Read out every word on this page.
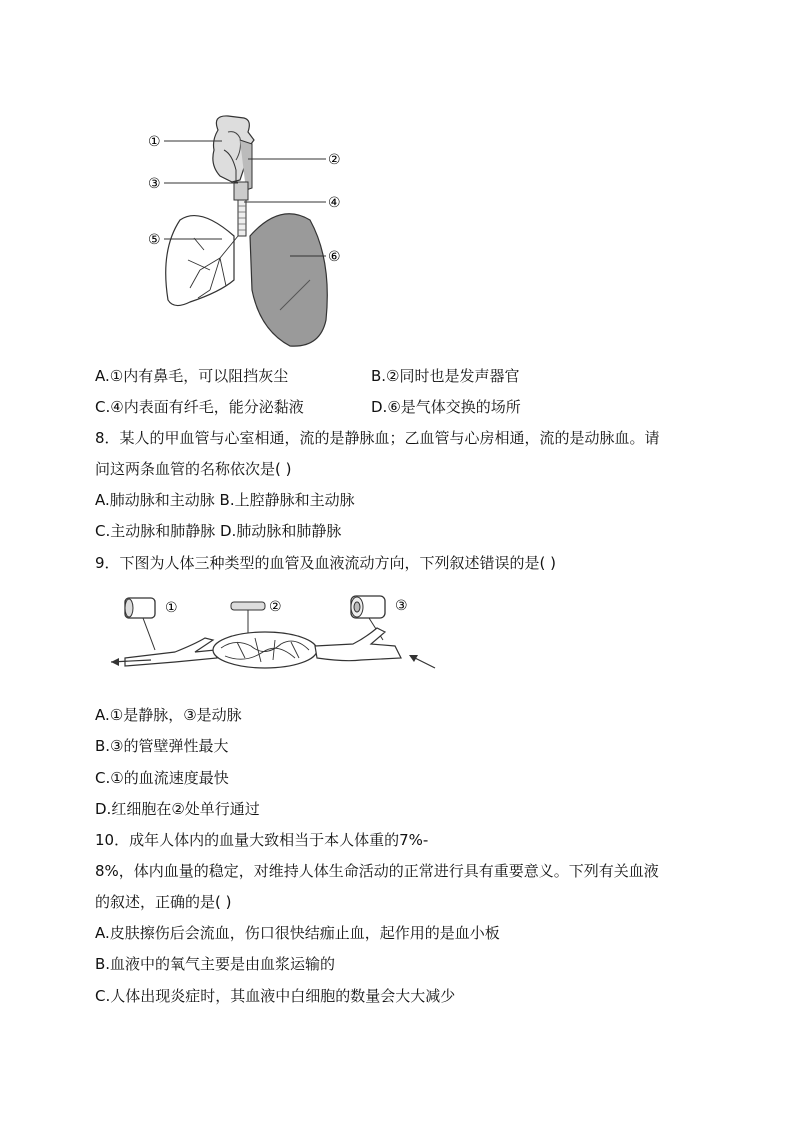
①
②
③
④
⑤
⑥
A.①内有鼻毛，可以阻挡灰尘	B.②同时也是发声器官
C.④内表面有纤毛，能分泌黏液	D.⑥是气体交换的场所
8．某人的甲血管与心室相通，流的是静脉血；乙血管与心房相通，流的是动脉血。请
问这两条血管的名称依次是( )
A.肺动脉和主动脉 B.上腔静脉和主动脉
C.主动脉和肺静脉 D.肺动脉和肺静脉
9．下图为人体三种类型的血管及血液流动方向，下列叙述错误的是( )
①	②	③
A.①是静脉，③是动脉
B.③的管壁弹性最大
C.①的血流速度最快
D.红细胞在②处单行通过
10．成年人体内的血量大致相当于本人体重的7%-
8%，体内血量的稳定，对维持人体生命活动的正常进行具有重要意义。下列有关血液
的叙述，正确的是( )
A.皮肤擦伤后会流血，伤口很快结痂止血，起作用的是血小板
B.血液中的氧气主要是由血浆运输的
C.人体出现炎症时，其血液中白细胞的数量会大大减少
